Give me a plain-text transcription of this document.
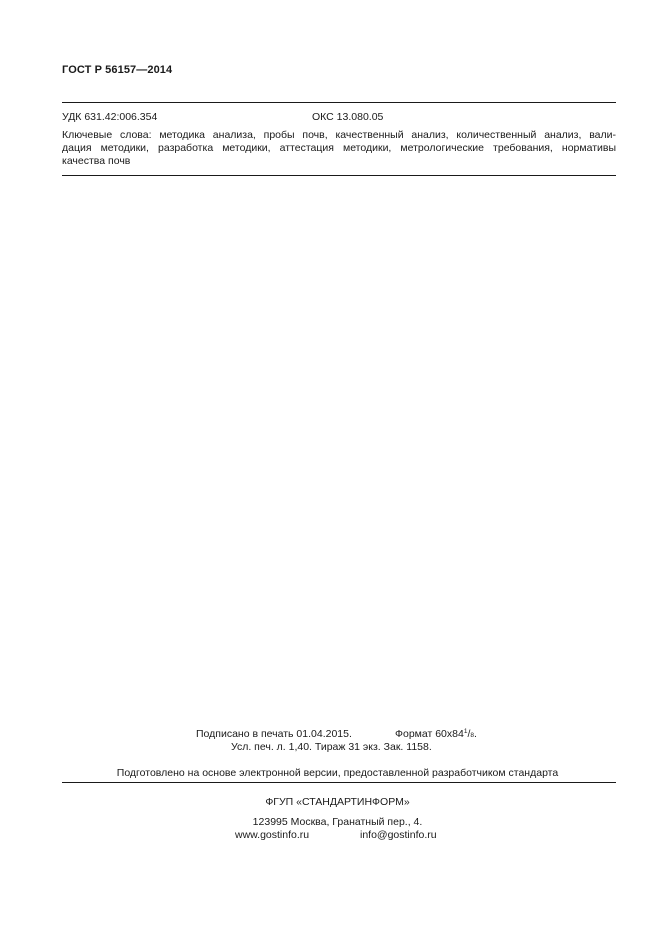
ГОСТ Р 56157—2014
УДК 631.42:006.354	ОКС 13.080.05

Ключевые слова: методика анализа, пробы почв, качественный анализ, количественный анализ, вали-
дация методики, разработка методики, аттестация методики, метрологические требования, нормативы
качества почв

Подписано в печать 01.04.2015.	Формат $60х84^1/8$.
Усл. печ. л. 1,40. Тираж 31 экз. Зак. 1158.
Подготовлено на основе электронной версии, предоставленной разработчиком стандарта
ФГУП «СТАНДАРТИНФОРМ»
123995 Москва, Гранатный пер., 4.
www.gostinfo.ru	info@gostinfo.ru
